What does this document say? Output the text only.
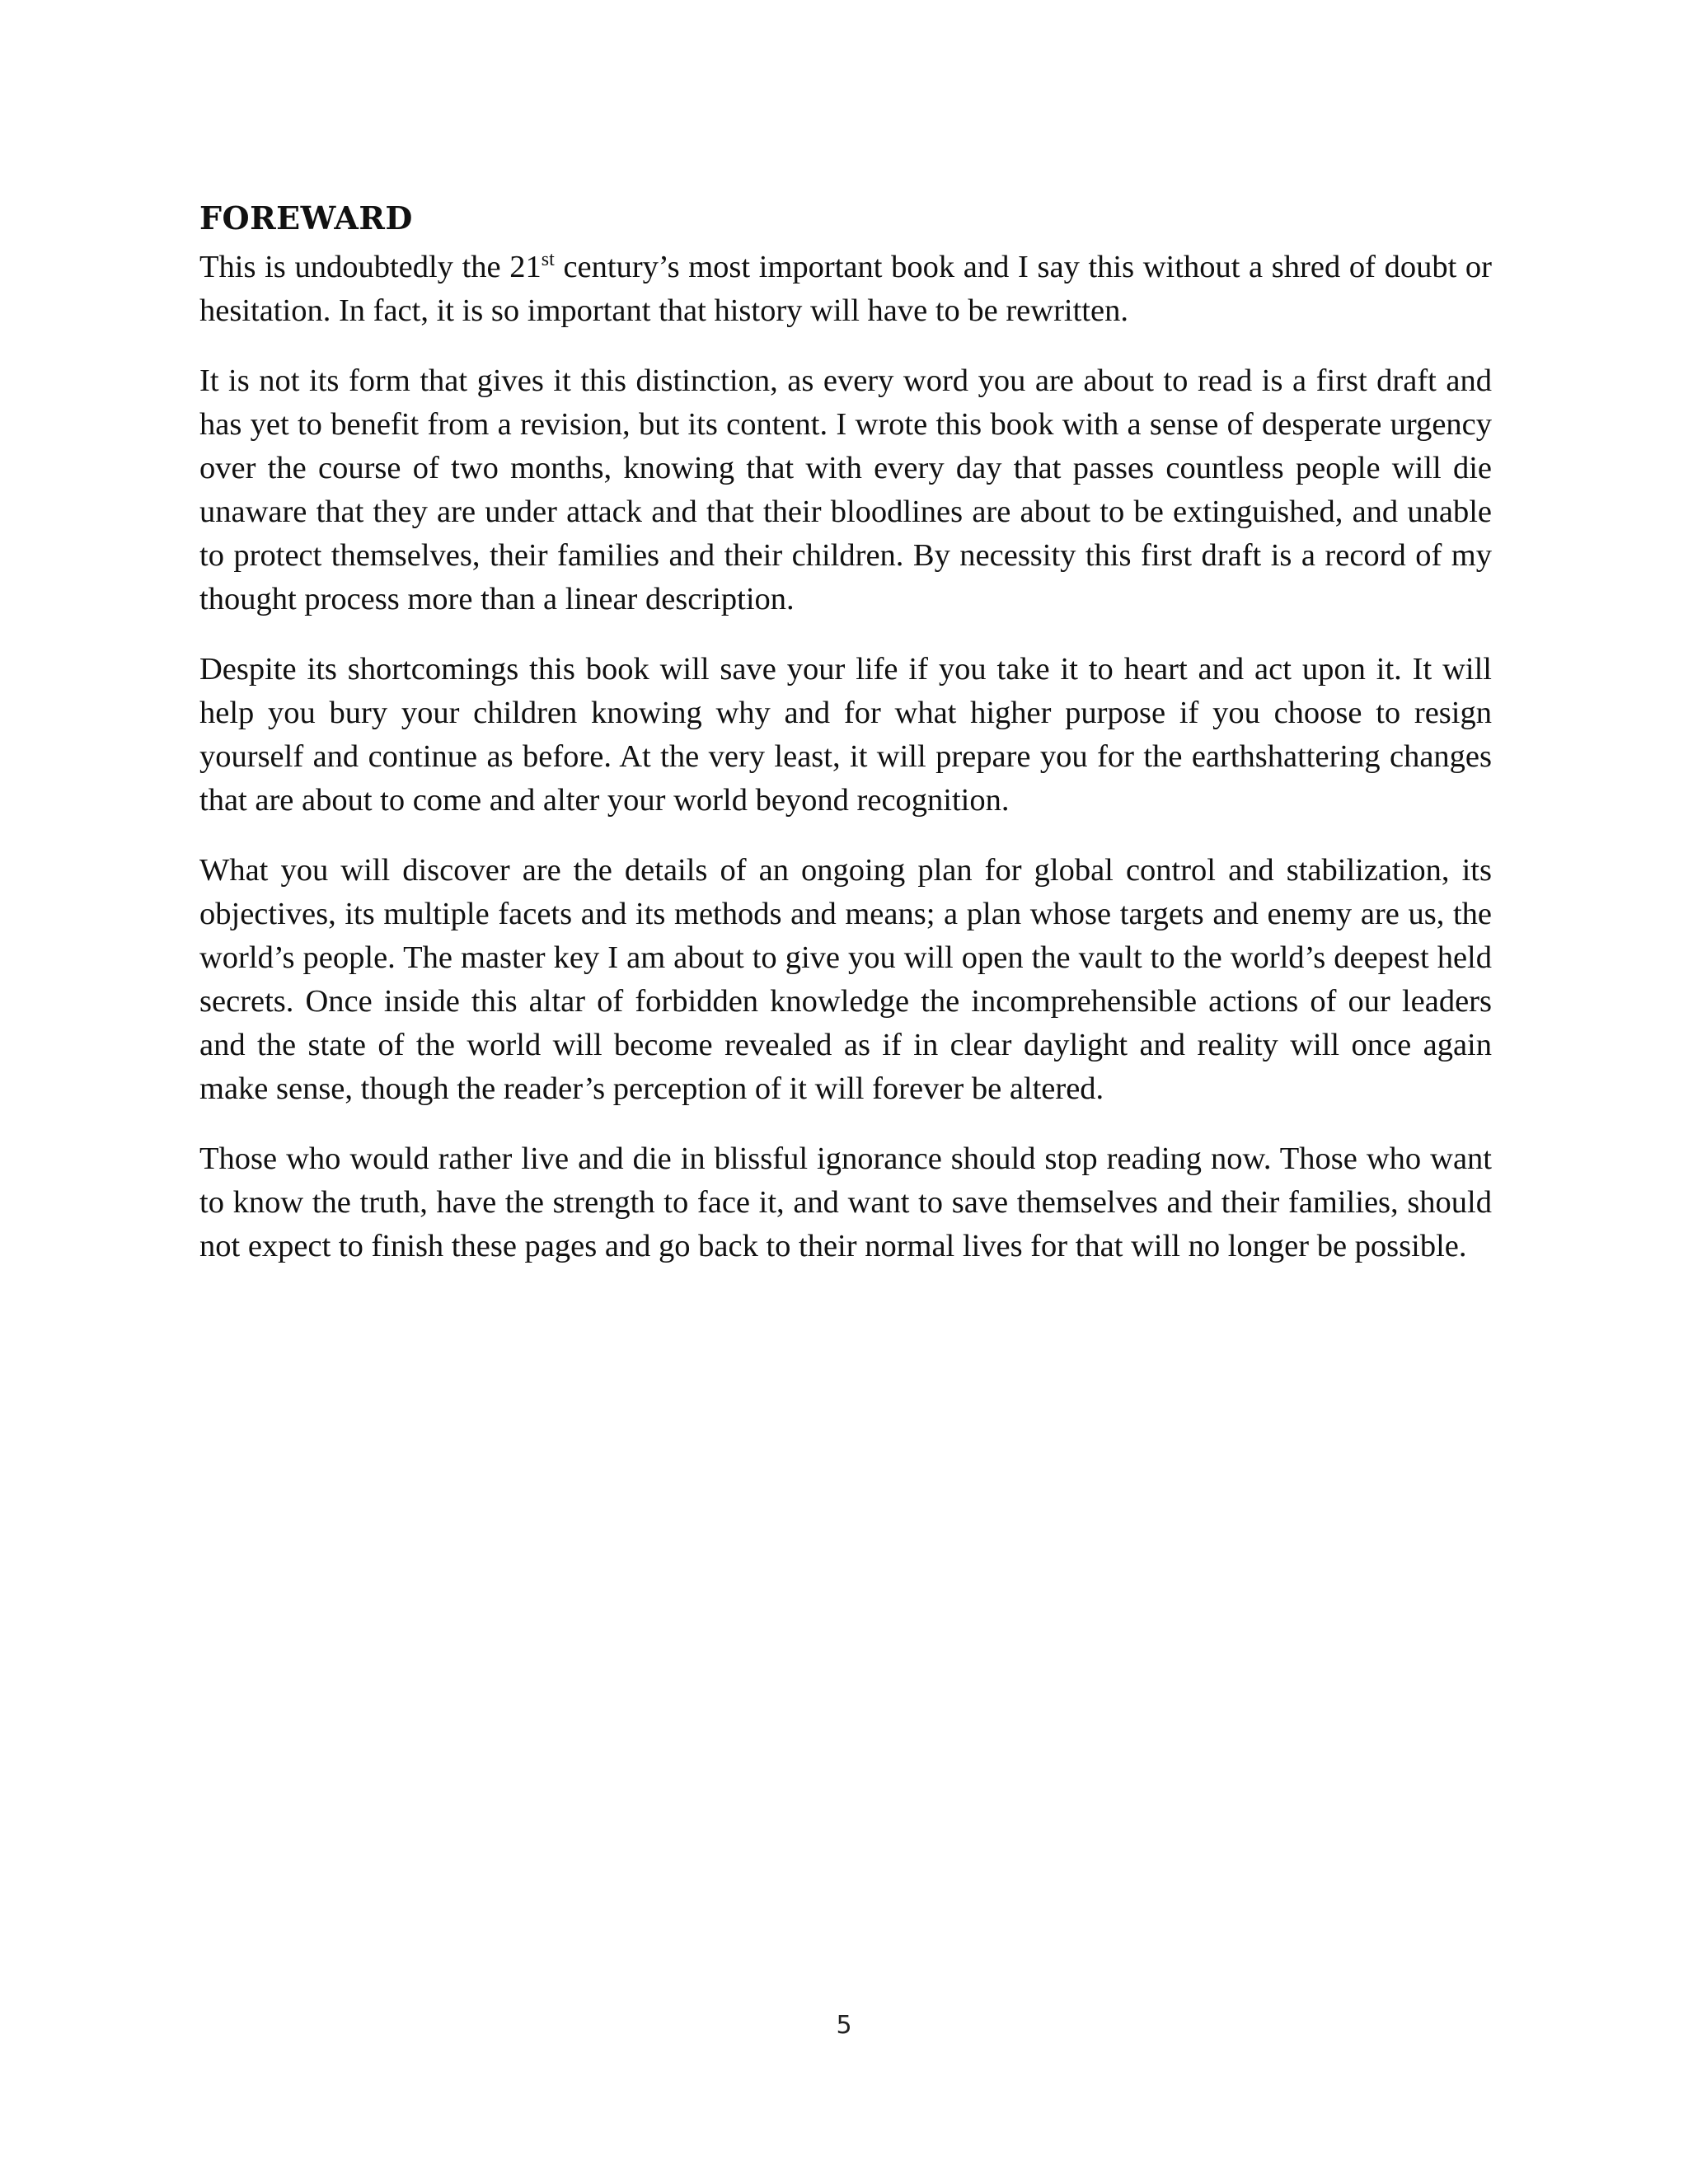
FOREWARD

This is undoubtedly the 21st century’s most important book and I say this without a shred of doubt or hesitation. In fact, it is so important that history will have to be rewritten.

It is not its form that gives it this distinction, as every word you are about to read is a first draft and has yet to benefit from a revision, but its content. I wrote this book with a sense of desperate urgency over the course of two months, knowing that with every day that passes countless people will die unaware that they are under attack and that their bloodlines are about to be extinguished, and unable to protect themselves, their families and their children. By necessity this first draft is a record of my thought process more than a linear description.

Despite its shortcomings this book will save your life if you take it to heart and act upon it. It will help you bury your children knowing why and for what higher purpose if you choose to resign yourself and continue as before. At the very least, it will prepare you for the earthshattering changes that are about to come and alter your world beyond recognition.

What you will discover are the details of an ongoing plan for global control and stabilization, its objectives, its multiple facets and its methods and means; a plan whose targets and enemy are us, the world’s people. The master key I am about to give you will open the vault to the world’s deepest held secrets. Once inside this altar of forbidden knowledge the incomprehensible actions of our leaders and the state of the world will become revealed as if in clear daylight and reality will once again make sense, though the reader’s perception of it will forever be altered.

Those who would rather live and die in blissful ignorance should stop reading now. Those who want to know the truth, have the strength to face it, and want to save themselves and their families, should not expect to finish these pages and go back to their normal lives for that will no longer be possible.

5
